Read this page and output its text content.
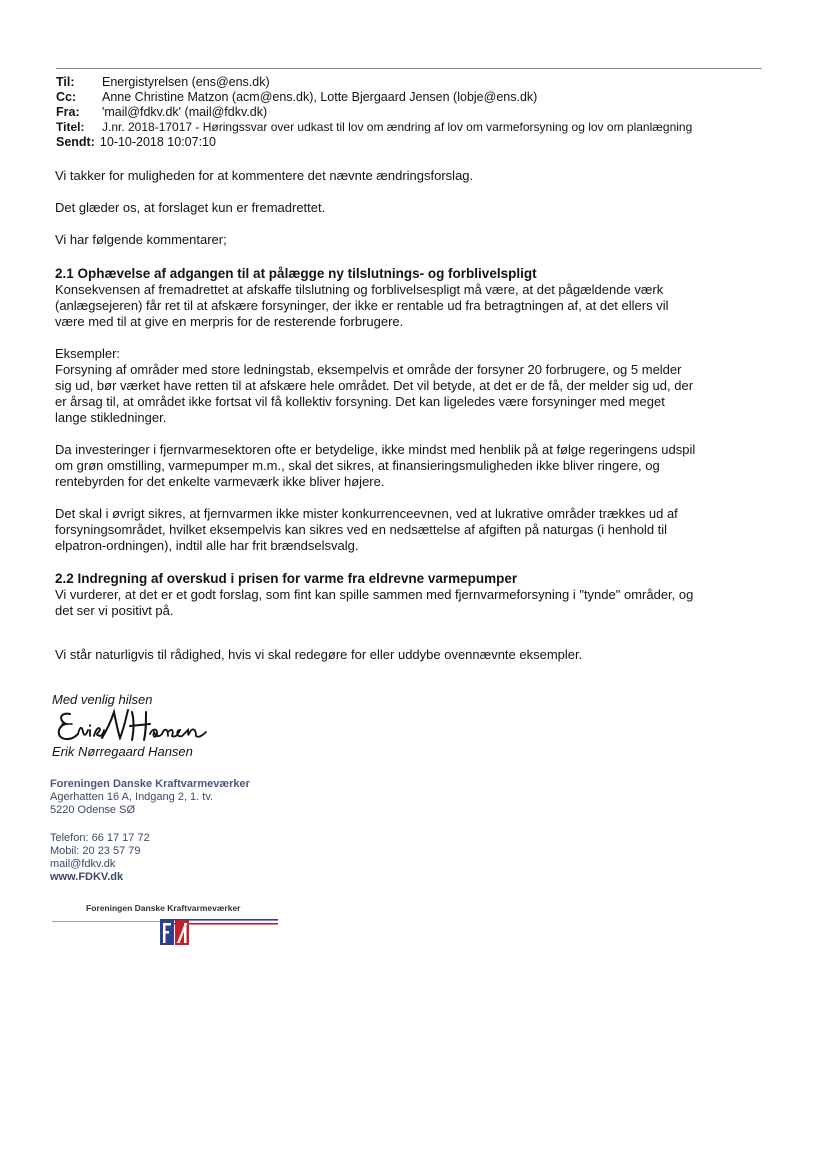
Til: Energistyrelsen (ens@ens.dk)
Cc: Anne Christine Matzon (acm@ens.dk), Lotte Bjergaard Jensen (lobje@ens.dk)
Fra: 'mail@fdkv.dk' (mail@fdkv.dk)
Titel: J.nr. 2018-17017 - Høringssvar over udkast til lov om ændring af lov om varmeforsyning og lov om planlægning
Sendt: 10-10-2018 10:07:10
Vi takker for muligheden for at kommentere det nævnte ændringsforslag.
Det glæder os, at forslaget kun er fremadrettet.
Vi har følgende kommentarer;
2.1 Ophævelse af adgangen til at pålægge ny tilslutnings- og forblivelspligt
Konsekvensen af fremadrettet at afskaffe tilslutning og forblivelsespligt må være, at det pågældende værk
(anlægsejeren) får ret til at afskære forsyninger, der ikke er rentable ud fra betragtningen af, at det ellers vil
være med til at give en merpris for de resterende forbrugere.
Eksempler:
Forsyning af områder med store ledningstab, eksempelvis et område der forsyner 20 forbrugere, og 5 melder
sig ud, bør værket have retten til at afskære hele området. Det vil betyde, at det er de få, der melder sig ud, der
er årsag til, at området ikke fortsat vil få kollektiv forsyning. Det kan ligeledes være forsyninger med meget
lange stikledninger.
Da investeringer i fjernvarmesektoren ofte er betydelige, ikke mindst med henblik på at følge regeringens udspil
om grøn omstilling, varmepumper m.m., skal det sikres, at finansieringsmuligheden ikke bliver ringere, og
rentebyrden for det enkelte varmeværk ikke bliver højere.
Det skal i øvrigt sikres, at fjernvarmen ikke mister konkurrenceevnen, ved at lukrative områder trækkes ud af
forsyningsområdet, hvilket eksempelvis kan sikres ved en nedsættelse af afgiften på naturgas (i henhold til
elpatron-ordningen), indtil alle har frit brændselsvalg.
2.2 Indregning af overskud i prisen for varme fra eldrevne varmepumper
Vi vurderer, at det er et godt forslag, som fint kan spille sammen med fjernvarmeforsyning i "tynde" områder, og
det ser vi positivt på.
Vi står naturligvis til rådighed, hvis vi skal redegøre for eller uddybe ovennævnte eksempler.
Med venlig hilsen
Erik Nørregaard Hansen
Foreningen Danske Kraftvarmeværker
Agerhatten 16 A, Indgang 2, 1. tv.
5220 Odense SØ
Telefon: 66 17 17 72
Mobil: 20 23 57 79
mail@fdkv.dk
www.FDKV.dk
Foreningen Danske Kraftvarmeværker
